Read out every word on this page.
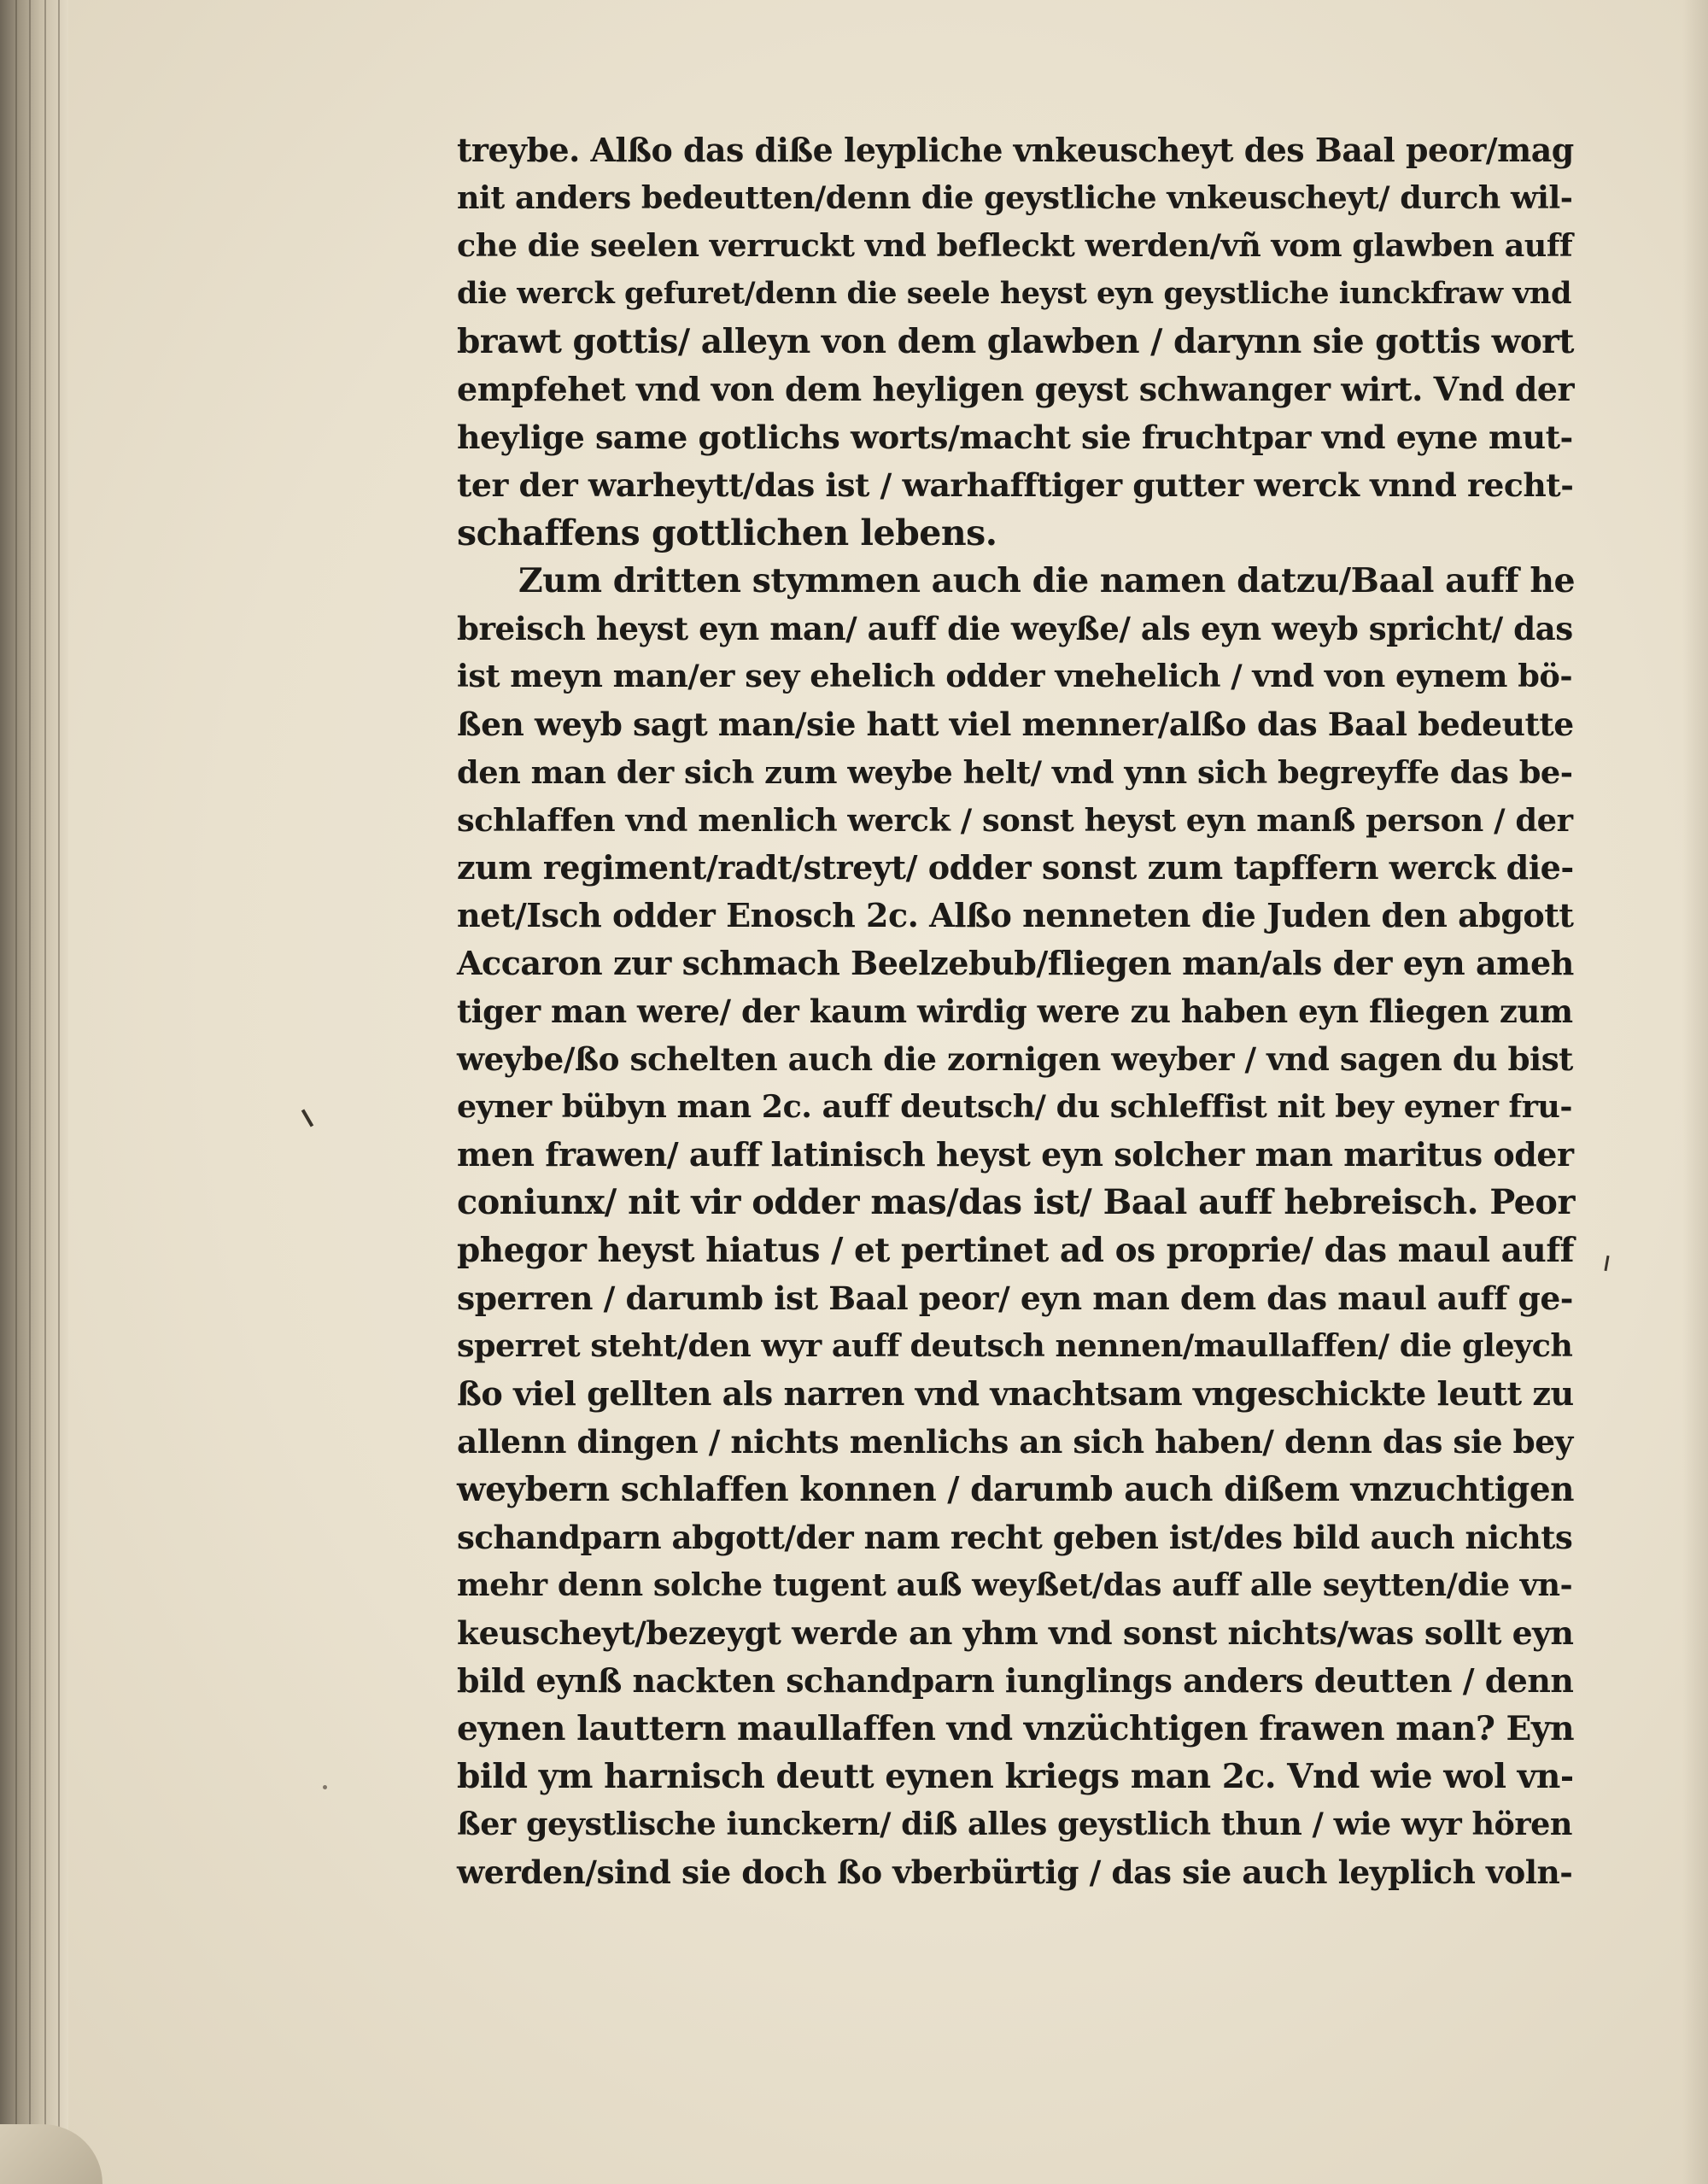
treybe. Alßo das diße leypliche vnkeuscheyt des Baal peor/mag
nit anders bedeutten/denn die geystliche vnkeuscheyt/ durch wil-
che die seelen verruckt vnd befleckt werden/vñ vom glawben auff
die werck gefuret/denn die seele heyst eyn geystliche iunckfraw vnd
brawt gottis/ alleyn von dem glawben / darynn sie gottis wort
empfehet vnd von dem heyligen geyst schwanger wirt. Vnd der
heylige same gotlichs worts/macht sie fruchtpar vnd eyne mut-
ter der warheytt/das ist / warhafftiger gutter werck vnnd recht-
schaffens gottlichen lebens.
Zum dritten stymmen auch die namen datzu/Baal auff he
breisch heyst eyn man/ auff die weyße/ als eyn weyb spricht/ das
ist meyn man/er sey ehelich odder vnehelich / vnd von eynem bö-
ßen weyb sagt man/sie hatt viel menner/alßo das Baal bedeutte
den man der sich zum weybe helt/ vnd ynn sich begreyffe das be-
schlaffen vnd menlich werck / sonst heyst eyn manß person / der
zum regiment/radt/streyt/ odder sonst zum tapffern werck die-
net/Isch odder Enosch 2c. Alßo nenneten die Juden den abgott
Accaron zur schmach Beelzebub/fliegen man/als der eyn ameh
tiger man were/ der kaum wirdig were zu haben eyn fliegen zum
weybe/ßo schelten auch die zornigen weyber / vnd sagen du bist
eyner bübyn man 2c. auff deutsch/ du schleffist nit bey eyner fru-
men frawen/ auff latinisch heyst eyn solcher man maritus oder
coniunx/ nit vir odder mas/das ist/ Baal auff hebreisch. Peor
phegor heyst hiatus / et pertinet ad os proprie/ das maul auff
sperren / darumb ist Baal peor/ eyn man dem das maul auff ge-
sperret steht/den wyr auff deutsch nennen/maullaffen/ die gleych
ßo viel gellten als narren vnd vnachtsam vngeschickte leutt zu
allenn dingen / nichts menlichs an sich haben/ denn das sie bey
weybern schlaffen konnen / darumb auch dißem vnzuchtigen
schandparn abgott/der nam recht geben ist/des bild auch nichts
mehr denn solche tugent auß weyßet/das auff alle seytten/die vn-
keuscheyt/bezeygt werde an yhm vnd sonst nichts/was sollt eyn
bild eynß nackten schandparn iunglings anders deutten / denn
eynen lauttern maullaffen vnd vnzüchtigen frawen man? Eyn
bild ym harnisch deutt eynen kriegs man 2c. Vnd wie wol vn-
ßer geystlische iunckern/ diß alles geystlich thun / wie wyr hören
werden/sind sie doch ßo vberbürtig / das sie auch leyplich voln-
